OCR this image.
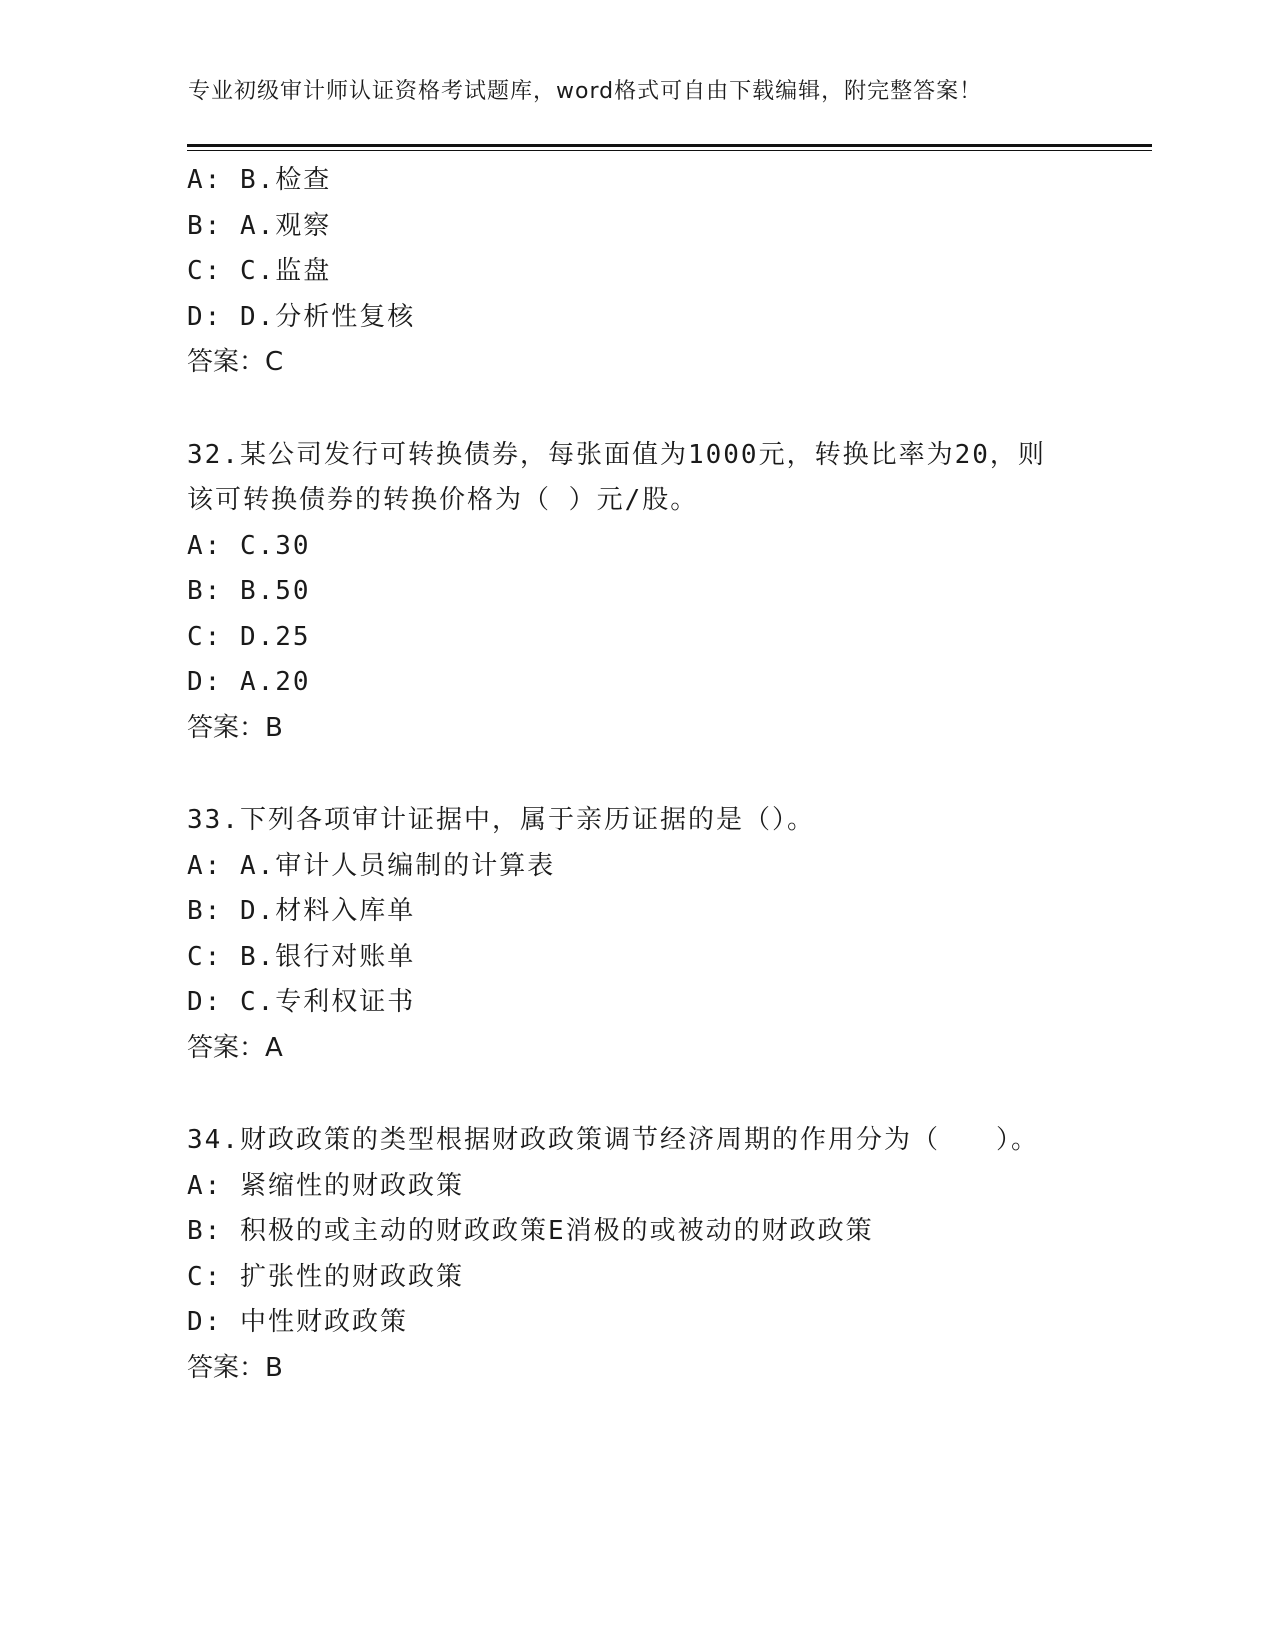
专业初级审计师认证资格考试题库，word格式可自由下载编辑，附完整答案！
A: B.检查
B: A.观察
C: C.监盘
D: D.分析性复核
答案：C
32.某公司发行可转换债券，每张面值为1000元，转换比率为20，则
该可转换债券的转换价格为（ ）元/股。
A: C.30
B: B.50
C: D.25
D: A.20
答案：B
33.下列各项审计证据中，属于亲历证据的是（）。
A: A.审计人员编制的计算表
B: D.材料入库单
C: B.银行对账单
D: C.专利权证书
答案：A
34.财政政策的类型根据财政政策调节经济周期的作用分为（　　）。
A: 紧缩性的财政政策
B: 积极的或主动的财政政策E消极的或被动的财政政策
C: 扩张性的财政政策
D: 中性财政政策
答案：B
